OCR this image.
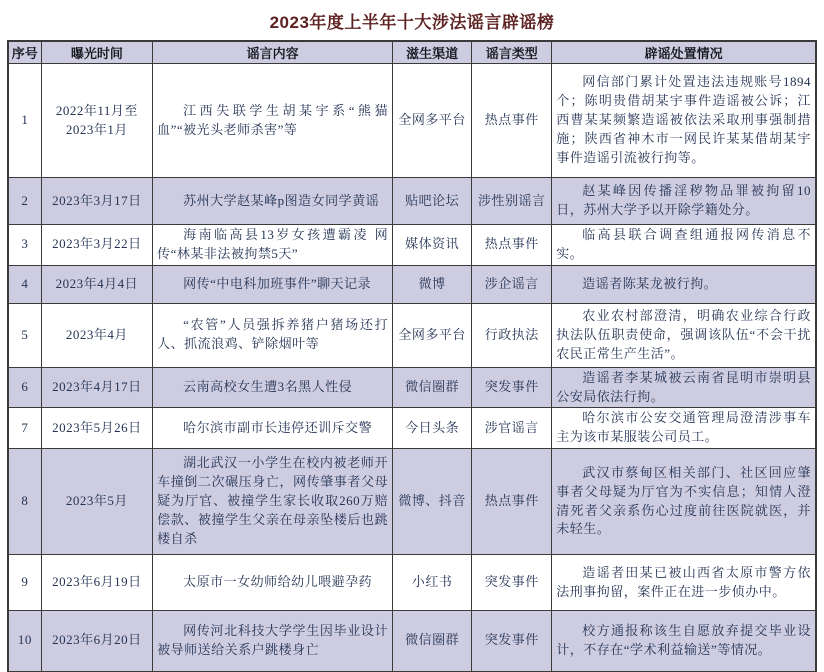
2023年度上半年十大涉法谣言辟谣榜
序号	曝光时间	谣言内容	滋生渠道	谣言类型	辟谣处置情况
1	2022年11月至2023年1月	江西失联学生胡某宇系“熊猫血”“被光头老师杀害”等	全网多平台	热点事件	网信部门累计处置违法违规账号1894个；陈明贵借胡某宇事件造谣被公诉；江西曹某某频繁造谣被依法采取刑事强制措施；陕西省神木市一网民许某某借胡某宇事件造谣引流被行拘等。
2	2023年3月17日	苏州大学赵某峰p图造女同学黄谣	贴吧论坛	涉性别谣言	赵某峰因传播淫秽物品罪被拘留10日，苏州大学予以开除学籍处分。
3	2023年3月22日	海南临高县13岁女孩遭霸凌 网传“林某非法被拘禁5天”	媒体资讯	热点事件	临高县联合调查组通报网传消息不实。
4	2023年4月4日	网传“中电科加班事件”聊天记录	微博	涉企谣言	造谣者陈某龙被行拘。
5	2023年4月	“农管”人员强拆养猪户猪场还打人、抓流浪鸡、铲除烟叶等	全网多平台	行政执法	农业农村部澄清，明确农业综合行政执法队伍职责使命，强调该队伍“不会干扰农民正常生产生活”。
6	2023年4月17日	云南高校女生遭3名黑人性侵	微信圈群	突发事件	造谣者李某城被云南省昆明市崇明县公安局依法行拘。
7	2023年5月26日	哈尔滨市副市长违停还训斥交警	今日头条	涉官谣言	哈尔滨市公安交通管理局澄清涉事车主为该市某服装公司员工。
8	2023年5月	湖北武汉一小学生在校内被老师开车撞倒二次碾压身亡，网传肇事者父母疑为厅官、被撞学生家长收取260万赔偿款、被撞学生父亲在母亲坠楼后也跳楼自杀	微博、抖音	热点事件	武汉市蔡甸区相关部门、社区回应肇事者父母疑为厅官为不实信息；知情人澄清死者父亲系伤心过度前往医院就医，并未轻生。
9	2023年6月19日	太原市一女幼师给幼儿喂避孕药	小红书	突发事件	造谣者田某已被山西省太原市警方依法刑事拘留，案件正在进一步侦办中。
10	2023年6月20日	网传河北科技大学学生因毕业设计被导师送给关系户跳楼身亡	微信圈群	突发事件	校方通报称该生自愿放弃提交毕业设计，不存在“学术利益输送”等情况。
